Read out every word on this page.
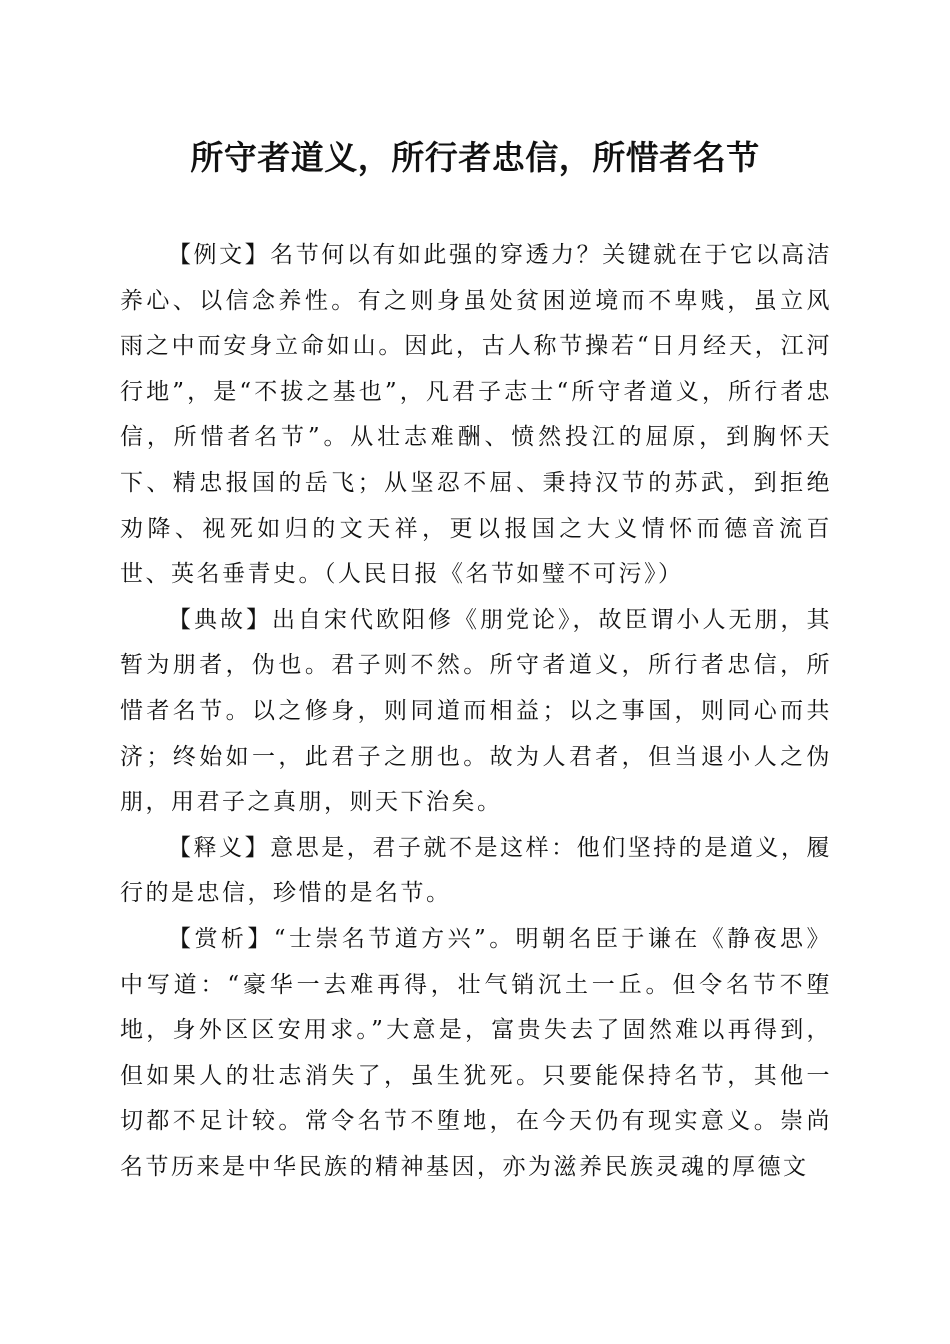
所守者道义，所行者忠信，所惜者名节

【例文】名节何以有如此强的穿透力？关键就在于它以高洁养心、以信念养性。有之则身虽处贫困逆境而不卑贱，虽立风雨之中而安身立命如山。因此，古人称节操若“日月经天，江河行地”，是“不拔之基也”，凡君子志士“所守者道义，所行者忠信，所惜者名节”。从壮志难酬、愤然投江的屈原，到胸怀天下、精忠报国的岳飞；从坚忍不屈、秉持汉节的苏武，到拒绝劝降、视死如归的文天祥，更以报国之大义情怀而德音流百世、英名垂青史。（人民日报《名节如璧不可污》）

【典故】出自宋代欧阳修《朋党论》，故臣谓小人无朋，其暂为朋者，伪也。君子则不然。所守者道义，所行者忠信，所惜者名节。以之修身，则同道而相益；以之事国，则同心而共济；终始如一，此君子之朋也。故为人君者，但当退小人之伪朋，用君子之真朋，则天下治矣。

【释义】意思是，君子就不是这样：他们坚持的是道义，履行的是忠信，珍惜的是名节。

【赏析】“士崇名节道方兴”。明朝名臣于谦在《静夜思》中写道：“豪华一去难再得，壮气销沉土一丘。但令名节不堕地，身外区区安用求。”大意是，富贵失去了固然难以再得到，但如果人的壮志消失了，虽生犹死。只要能保持名节，其他一切都不足计较。常令名节不堕地，在今天仍有现实意义。崇尚名节历来是中华民族的精神基因，亦为滋养民族灵魂的厚德文
